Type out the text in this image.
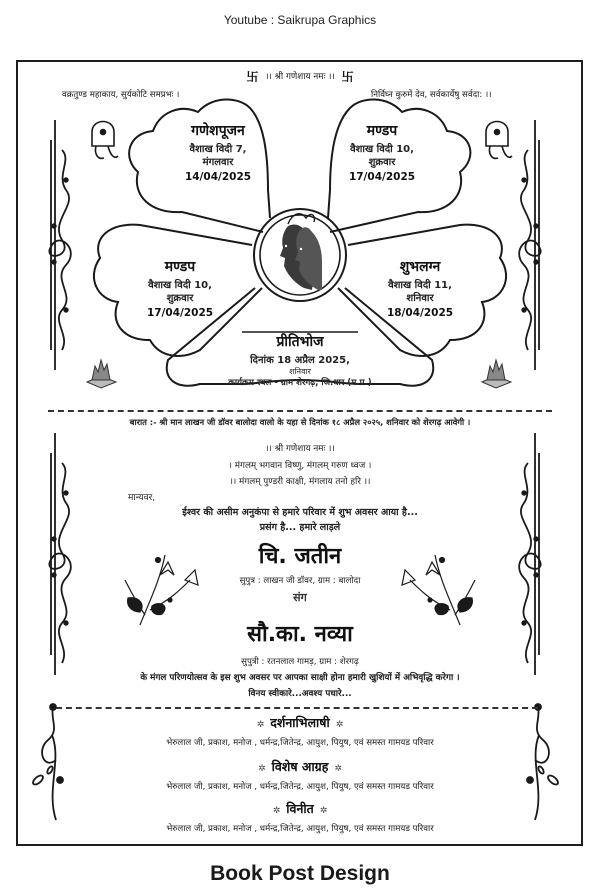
Youtube : Saikrupa Graphics
卐 ।। श्री गणेशाय नमः ।। 卐
वक्रतुण्ड महाकाय, सुर्यकोटि समप्रभः ।	निर्विघ्न कुरुमें देव, सर्वकार्येषु सर्वदा: ।।
गणेशपूजन
वैशाख विदी 7,
मंगलवार
14/04/2025
मण्डप
वैशाख विदी 10,
शुक्रवार
17/04/2025
मण्डप
वैशाख विदी 10,
शुक्रवार
17/04/2025
शुभलग्न
वैशाख विदी 11,
शनिवार
18/04/2025
प्रीतिभोज
दिनांक 18 अप्रैल 2025,
शनिवार
कार्यक्रम स्थल - ग्राम शेरगढ़, जि.धार (म.प्र.)
बारात :- श्री मान लाखन जी डॉवर बालोदा वालो के यहा से दिनांक १८ अप्रैल २०२५, शनिवार को शेरगढ़ आवेगी ।
।। श्री गणेशाय नमः ।।
। मंगलम् भगवान विष्णु, मंगलम् गरुण ध्वज ।
।। मंगलम् पुण्डरी काक्षी, मंगलाय तनो हरि ।।
मान्यवर,
ईश्वर की असीम अनुकंपा से हमारे परिवार में शुभ अवसर आया है...
प्रसंग है... हमारे लाड़ले
चि. जतीन
सुपुत्र : लाखन जी डॉवर, ग्राम : बालोदा
संग
सौ.का. नव्या
सुपुत्री : रतनलाल गामड़, ग्राम : शेरगढ़
के मंगल परिणयोत्सव के इस शुभ अवसर पर आपका साक्षी होना हमारी खुशियों में अभिवृद्धि करेगा ।
विनय स्वीकारे...अवश्य पधारे...
✲ दर्शनाभिलाषी ✲
भेरुलाल जी, प्रकाश, मनोज , धर्मन्द्र,जितेन्द्र, आयुश, पियुष, एवं समस्त गामयड परिवार
✲ विशेष आग्रह ✲
भेरुलाल जी, प्रकाश, मनोज , धर्मन्द्र,जितेन्द्र, आयुश, पियुष, एवं समस्त गामयड परिवार
✲ विनीत ✲
भेरुलाल जी, प्रकाश, मनोज , धर्मन्द्र,जितेन्द्र, आयुश, पियुष, एवं समस्त गामयड परिवार
Book Post Design
